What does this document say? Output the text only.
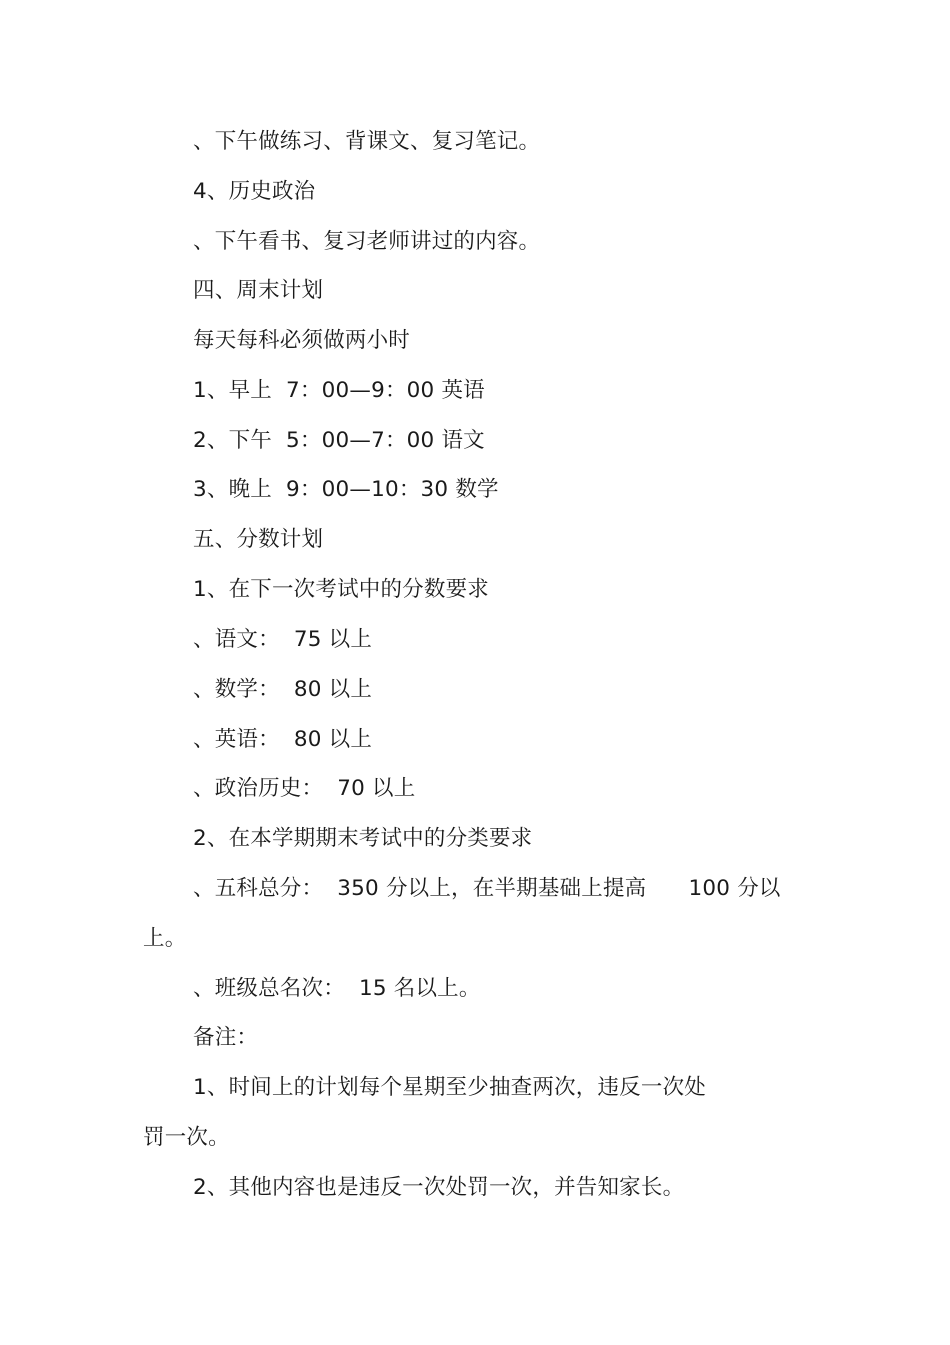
、下午做练习、背课文、复习笔记。
4、历史政治
、下午看书、复习老师讲过的内容。
四、周末计划
每天每科必须做两小时
1、早上  7：00—9：00 英语
2、下午  5：00—7：00 语文
3、晚上  9：00—10：30 数学
五、分数计划
1、在下一次考试中的分数要求
、语文：  75 以上
、数学：  80 以上
、英语：  80 以上
、政治历史：  70 以上
2、在本学期期末考试中的分类要求
、五科总分：  350 分以上，在半期基础上提高      100 分以
上。
、班级总名次：  15 名以上。
备注：
1、时间上的计划每个星期至少抽查两次，违反一次处
罚一次。
2、其他内容也是违反一次处罚一次，并告知家长。
